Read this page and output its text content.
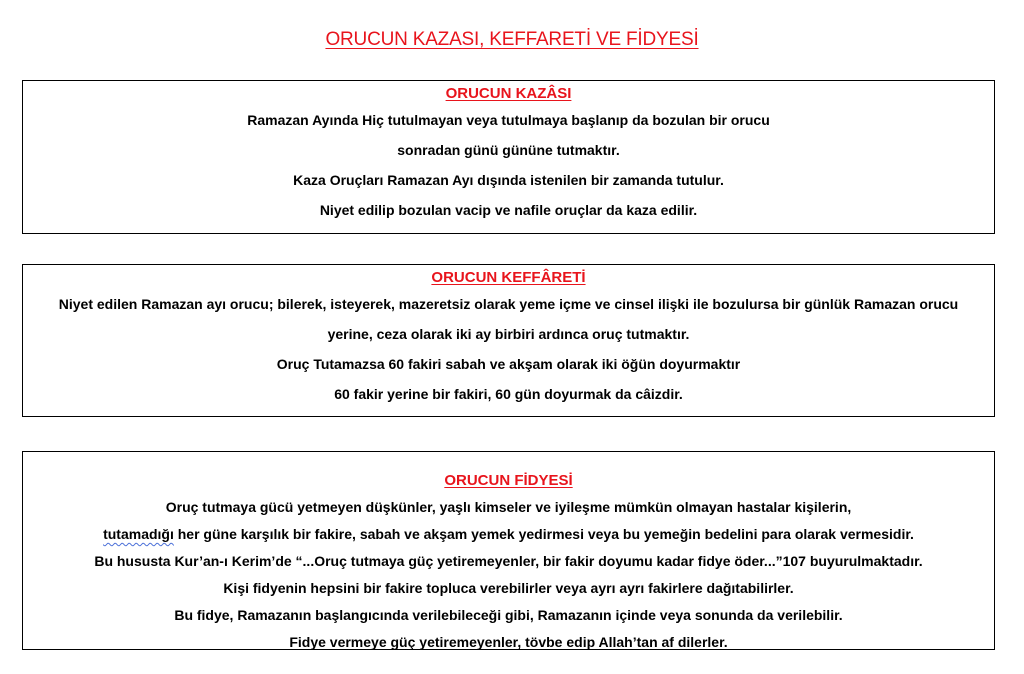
ORUCUN KAZASI, KEFFARETİ VE FİDYESİ
ORUCUN KAZÂSI

Ramazan Ayında Hiç tutulmayan veya tutulmaya başlanıp da bozulan bir orucu

sonradan günü gününe tutmaktır.

Kaza Oruçları Ramazan Ayı dışında istenilen bir zamanda tutulur.

Niyet edilip bozulan vacip ve nafile oruçlar da kaza edilir.

ORUCUN KEFFÂRETİ

Niyet edilen Ramazan ayı orucu; bilerek, isteyerek, mazeretsiz olarak yeme içme ve cinsel ilişki ile bozulursa bir günlük Ramazan orucu

yerine, ceza olarak iki ay birbiri ardınca oruç tutmaktır.

Oruç Tutamazsa 60 fakiri sabah ve akşam olarak iki öğün doyurmaktır

60 fakir yerine bir fakiri, 60 gün doyurmak da câizdir.

ORUCUN FİDYESİ

Oruç tutmaya gücü yetmeyen düşkünler, yaşlı kimseler ve iyileşme mümkün olmayan hastalar kişilerin,

tutamadığı her güne karşılık bir fakire, sabah ve akşam yemek yedirmesi veya bu yemeğin bedelini para olarak vermesidir.

Bu hususta Kur’an-ı Kerim’de “...Oruç tutmaya güç yetiremeyenler, bir fakir doyumu kadar fidye öder...”107 buyurulmaktadır.

Kişi fidyenin hepsini bir fakire topluca verebilirler veya ayrı ayrı fakirlere dağıtabilirler.

Bu fidye, Ramazanın başlangıcında verilebileceği gibi, Ramazanın içinde veya sonunda da verilebilir.

Fidye vermeye güç yetiremeyenler, tövbe edip Allah’tan af dilerler.
